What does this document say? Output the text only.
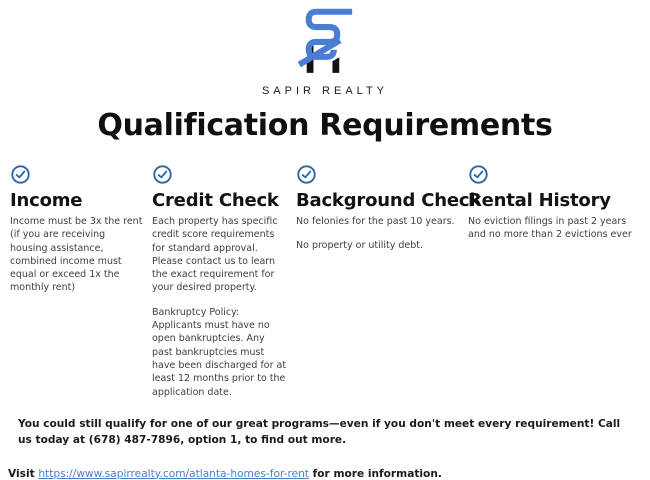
SAPIR REALTY
Qualification Requirements
Income

Income must be 3x the rent (if you are receiving housing assistance, combined income must equal or exceed 1x the monthly rent)

Credit Check

Each property has specific credit score requirements for standard approval. Please contact us to learn the exact requirement for your desired property.

Bankruptcy Policy: Applicants must have no open bankruptcies. Any past bankruptcies must have been discharged for at least 12 months prior to the application date.

Background Check

No felonies for the past 10 years.

No property or utility debt.

Rental History

No eviction filings in past 2 years and no more than 2 evictions ever

You could still qualify for one of our great programs—even if you don't meet every requirement! Call us today at (678) 487-7896, option 1, to find out more.

Visit https://www.sapirrealty.com/atlanta-homes-for-rent for more information.
